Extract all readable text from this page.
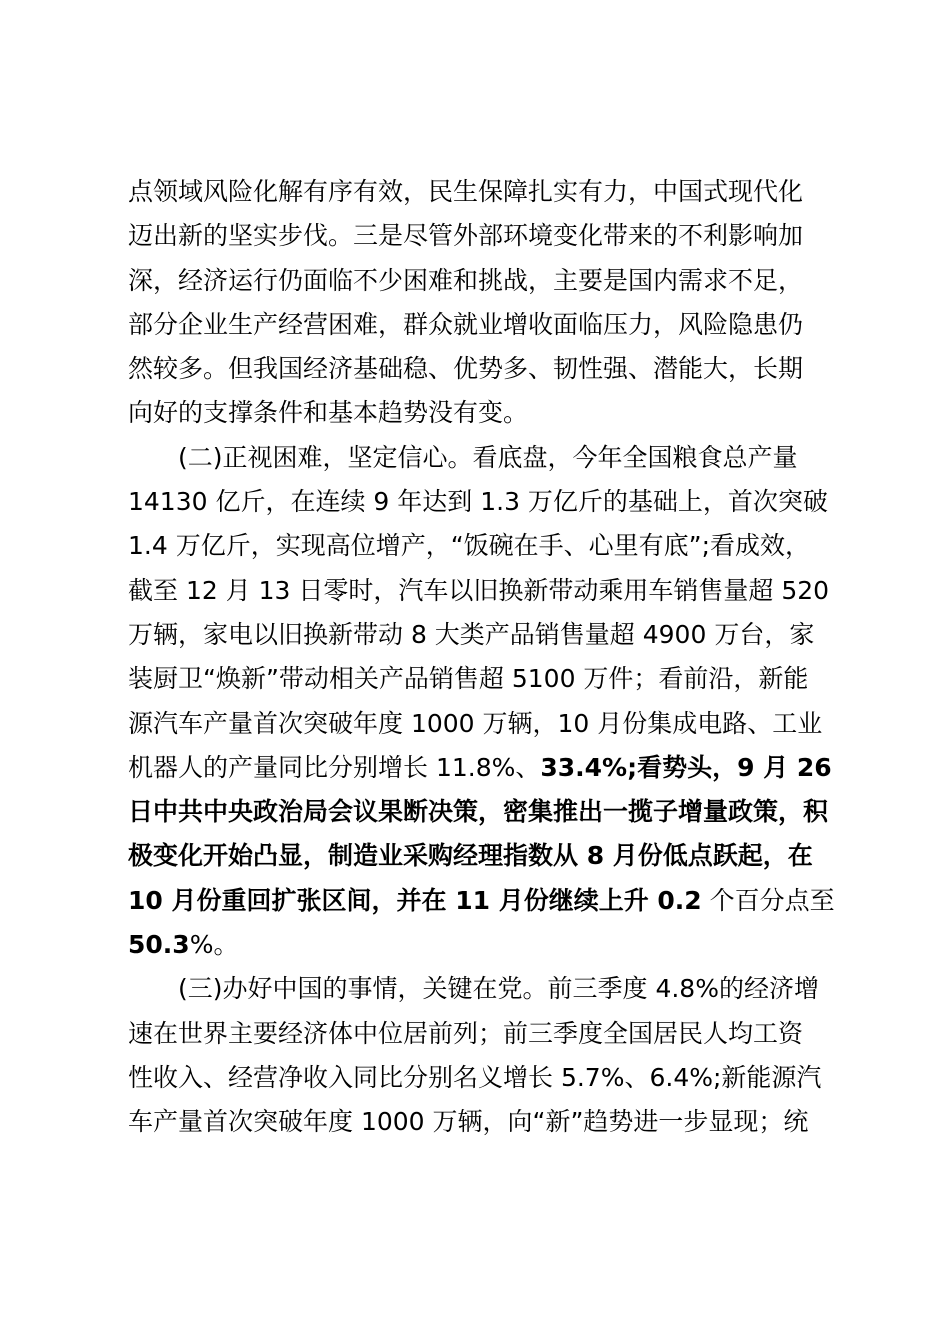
点领域风险化解有序有效，民生保障扎实有力，中国式现代化
迈出新的坚实步伐。三是尽管外部环境变化带来的不利影响加
深，经济运行仍面临不少困难和挑战，主要是国内需求不足，
部分企业生产经营困难，群众就业增收面临压力，风险隐患仍
然较多。但我国经济基础稳、优势多、韧性强、潜能大，长期
向好的支撑条件和基本趋势没有变。
(二)正视困难，坚定信心。看底盘，今年全国粮食总产量
14130 亿斤，在连续 9 年达到 1.3 万亿斤的基础上，首次突破
1.4 万亿斤，实现高位增产，“饭碗在手、心里有底”;看成效，
截至 12 月 13 日零时，汽车以旧换新带动乘用车销售量超 520
万辆，家电以旧换新带动 8 大类产品销售量超 4900 万台，家
装厨卫“焕新”带动相关产品销售超 5100 万件；看前沿，新能
源汽车产量首次突破年度 1000 万辆，10 月份集成电路、工业
机器人的产量同比分别增长 11.8%、33.4%;看势头，9 月 26
日中共中央政治局会议果断决策，密集推出一揽子增量政策，积
极变化开始凸显，制造业采购经理指数从 8 月份低点跃起，在
10 月份重回扩张区间，并在 11 月份继续上升 0.2 个百分点至
50.3%。
(三)办好中国的事情，关键在党。前三季度 4.8%的经济增
速在世界主要经济体中位居前列；前三季度全国居民人均工资
性收入、经营净收入同比分别名义增长 5.7%、6.4%;新能源汽
车产量首次突破年度 1000 万辆，向“新”趋势进一步显现；统
